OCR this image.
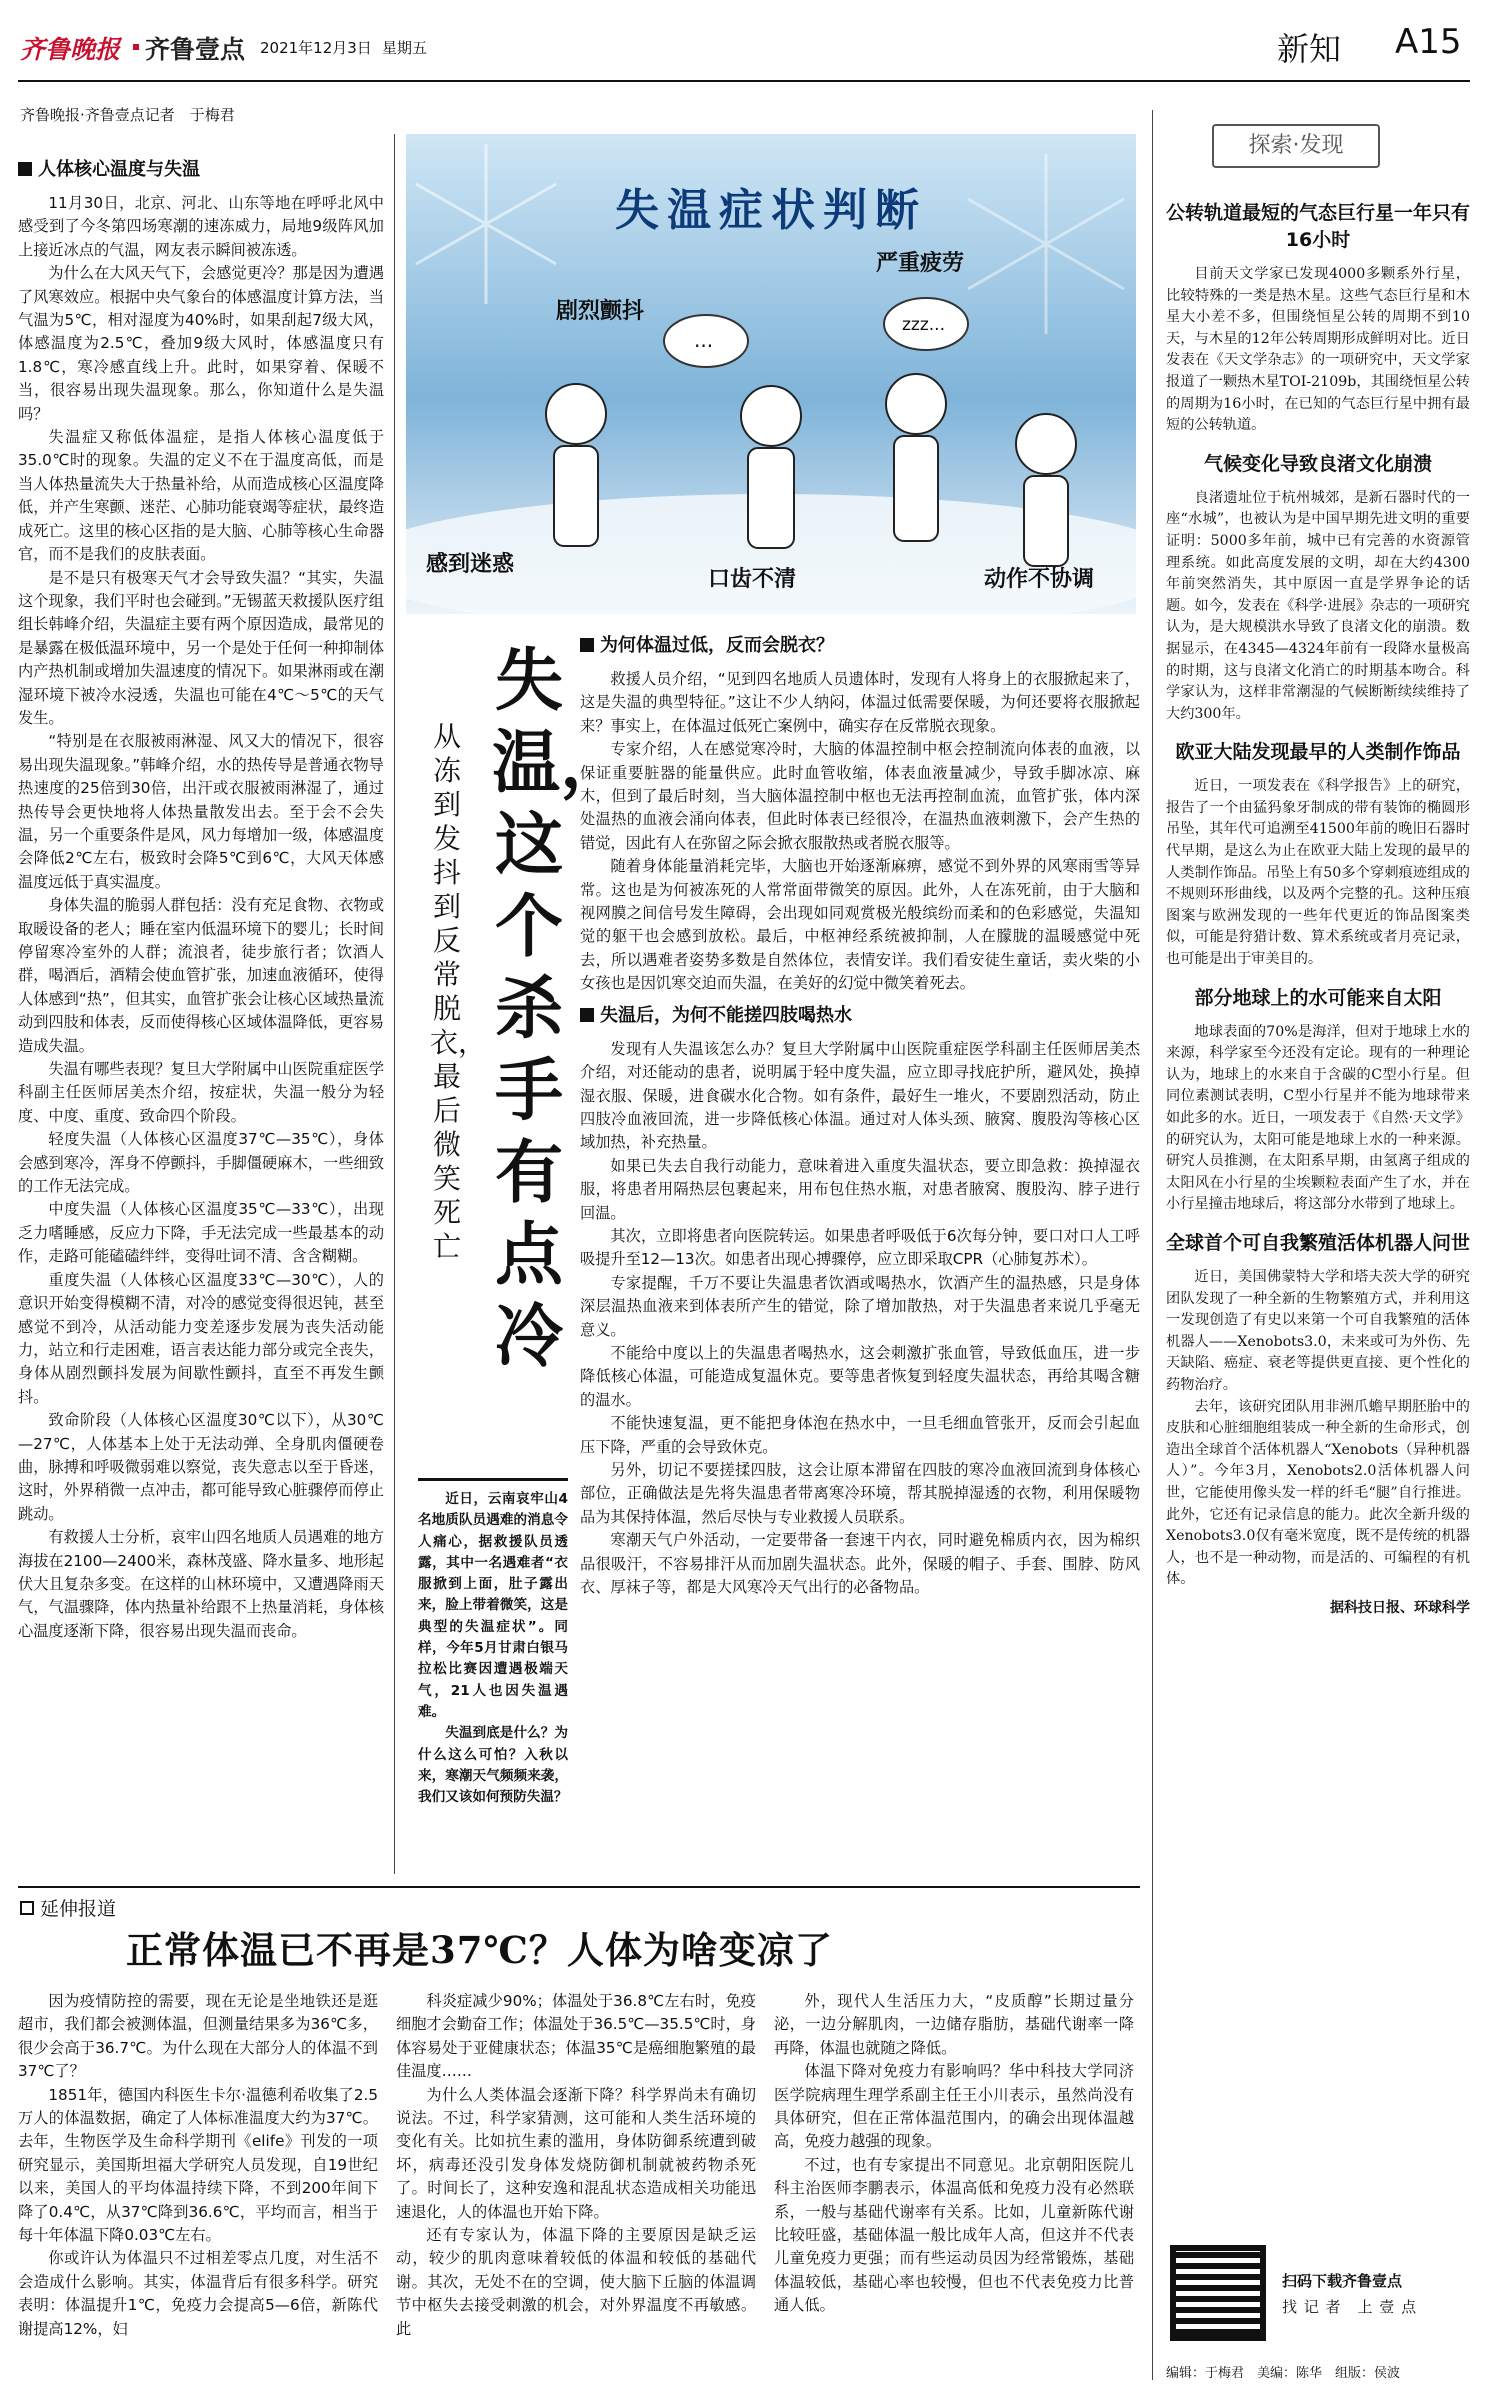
齐鲁晚报 齐鲁壹点 2021年12月3日 星期五	新知 A15
齐鲁晚报·齐鲁壹点记者　于梅君
人体核心温度与失温

11月30日，北京、河北、山东等地在呼呼北风中感受到了今冬第四场寒潮的速冻威力，局地9级阵风加上接近冰点的气温，网友表示瞬间被冻透。

为什么在大风天气下，会感觉更冷？那是因为遭遇了风寒效应。根据中央气象台的体感温度计算方法，当气温为5℃，相对湿度为40%时，如果刮起7级大风，体感温度为2.5℃，叠加9级大风时，体感温度只有1.8℃，寒冷感直线上升。此时，如果穿着、保暖不当，很容易出现失温现象。那么，你知道什么是失温吗？

失温症又称低体温症，是指人体核心温度低于35.0℃时的现象。失温的定义不在于温度高低，而是当人体热量流失大于热量补给，从而造成核心区温度降低，并产生寒颤、迷茫、心肺功能衰竭等症状，最终造成死亡。这里的核心区指的是大脑、心肺等核心生命器官，而不是我们的皮肤表面。

是不是只有极寒天气才会导致失温？“其实，失温这个现象，我们平时也会碰到。”无锡蓝天救援队医疗组组长韩峰介绍，失温症主要有两个原因造成，最常见的是暴露在极低温环境中，另一个是处于任何一种抑制体内产热机制或增加失温速度的情况下。如果淋雨或在潮湿环境下被冷水浸透，失温也可能在4℃～5℃的天气发生。

“特别是在衣服被雨淋湿、风又大的情况下，很容易出现失温现象。”韩峰介绍，水的热传导是普通衣物导热速度的25倍到30倍，出汗或衣服被雨淋湿了，通过热传导会更快地将人体热量散发出去。至于会不会失温，另一个重要条件是风，风力每增加一级，体感温度会降低2℃左右，极致时会降5℃到6℃，大风天体感温度远低于真实温度。

身体失温的脆弱人群包括：没有充足食物、衣物或取暖设备的老人；睡在室内低温环境下的婴儿；长时间停留寒冷室外的人群；流浪者，徒步旅行者；饮酒人群，喝酒后，酒精会使血管扩张，加速血液循环，使得人体感到“热”，但其实，血管扩张会让核心区域热量流动到四肢和体表，反而使得核心区域体温降低，更容易造成失温。

失温有哪些表现？复旦大学附属中山医院重症医学科副主任医师居美杰介绍，按症状，失温一般分为轻度、中度、重度、致命四个阶段。

轻度失温（人体核心区温度37℃—35℃），身体会感到寒冷，浑身不停颤抖，手脚僵硬麻木，一些细致的工作无法完成。

中度失温（人体核心区温度35℃—33℃），出现乏力嗜睡感，反应力下降，手无法完成一些最基本的动作，走路可能磕磕绊绊，变得吐词不清、含含糊糊。

重度失温（人体核心区温度33℃—30℃），人的意识开始变得模糊不清，对冷的感觉变得很迟钝，甚至感觉不到冷，从活动能力变差逐步发展为丧失活动能力，站立和行走困难，语言表达能力部分或完全丧失，身体从剧烈颤抖发展为间歇性颤抖，直至不再发生颤抖。

致命阶段（人体核心区温度30℃以下），从30℃—27℃，人体基本上处于无法动弹、全身肌肉僵硬卷曲，脉搏和呼吸微弱难以察觉，丧失意志以至于昏迷，这时，外界稍微一点冲击，都可能导致心脏骤停而停止跳动。

有救援人士分析，哀牢山四名地质人员遇难的地方海拔在2100—2400米，森林茂盛、降水量多、地形起伏大且复杂多变。在这样的山林环境中，又遭遇降雨天气，气温骤降，体内热量补给跟不上热量消耗，身体核心温度逐渐下降，很容易出现失温而丧命。

...
zzz...
失温症状判断
剧烈颤抖
严重疲劳
感到迷惑
口齿不清	动作不协调
失温，这个杀手有点冷
从冻到发抖到反常脱衣，最后微笑死亡

近日，云南哀牢山4名地质队员遇难的消息令人痛心，据救援队员透露，其中一名遇难者“衣服掀到上面，肚子露出来，脸上带着微笑，这是典型的失温症状”。同样，今年5月甘肃白银马拉松比赛因遭遇极端天气，21人也因失温遇难。

失温到底是什么？为什么这么可怕？入秋以来，寒潮天气频频来袭，我们又该如何预防失温？

为何体温过低，反而会脱衣？

救援人员介绍，“见到四名地质人员遗体时，发现有人将身上的衣服掀起来了，这是失温的典型特征。”这让不少人纳闷，体温过低需要保暖，为何还要将衣服掀起来？事实上，在体温过低死亡案例中，确实存在反常脱衣现象。

专家介绍，人在感觉寒冷时，大脑的体温控制中枢会控制流向体表的血液，以保证重要脏器的能量供应。此时血管收缩，体表血液量减少，导致手脚冰凉、麻木，但到了最后时刻，当大脑体温控制中枢也无法再控制血流，血管扩张，体内深处温热的血液会涌向体表，但此时体表已经很冷，在温热血液刺激下，会产生热的错觉，因此有人在弥留之际会掀衣服散热或者脱衣服等。

随着身体能量消耗完毕，大脑也开始逐渐麻痹，感觉不到外界的风寒雨雪等异常。这也是为何被冻死的人常常面带微笑的原因。此外，人在冻死前，由于大脑和视网膜之间信号发生障碍，会出现如同观赏极光般缤纷而柔和的色彩感觉，失温知觉的躯干也会感到放松。最后，中枢神经系统被抑制，人在朦胧的温暖感觉中死去，所以遇难者姿势多数是自然体位，表情安详。我们看安徒生童话，卖火柴的小女孩也是因饥寒交迫而失温，在美好的幻觉中微笑着死去。

失温后，为何不能搓四肢喝热水

发现有人失温该怎么办？复旦大学附属中山医院重症医学科副主任医师居美杰介绍，对还能动的患者，说明属于轻中度失温，应立即寻找庇护所，避风处，换掉湿衣服、保暖，进食碳水化合物。如有条件，最好生一堆火，不要剧烈活动，防止四肢冷血液回流，进一步降低核心体温。通过对人体头颈、腋窝、腹股沟等核心区域加热，补充热量。

如果已失去自我行动能力，意味着进入重度失温状态，要立即急救：换掉湿衣服，将患者用隔热层包裹起来，用布包住热水瓶，对患者腋窝、腹股沟、脖子进行回温。

其次，立即将患者向医院转运。如果患者呼吸低于6次每分钟，要口对口人工呼吸提升至12—13次。如患者出现心搏骤停，应立即采取CPR（心肺复苏术）。

专家提醒，千万不要让失温患者饮酒或喝热水，饮酒产生的温热感，只是身体深层温热血液来到体表所产生的错觉，除了增加散热，对于失温患者来说几乎毫无意义。

不能给中度以上的失温患者喝热水，这会刺激扩张血管，导致低血压，进一步降低核心体温，可能造成复温休克。要等患者恢复到轻度失温状态，再给其喝含糖的温水。

不能快速复温，更不能把身体泡在热水中，一旦毛细血管张开，反而会引起血压下降，严重的会导致休克。

另外，切记不要搓揉四肢，这会让原本滞留在四肢的寒冷血液回流到身体核心部位，正确做法是先将失温患者带离寒冷环境，帮其脱掉湿透的衣物，利用保暖物品为其保持体温，然后尽快与专业救援人员联系。

寒潮天气户外活动，一定要带备一套速干内衣，同时避免棉质内衣，因为棉织品很吸汗，不容易排汗从而加剧失温状态。此外，保暖的帽子、手套、围脖、防风衣、厚袜子等，都是大风寒冷天气出行的必备物品。

延伸报道
正常体温已不再是37℃？人体为啥变凉了

因为疫情防控的需要，现在无论是坐地铁还是逛超市，我们都会被测体温，但测量结果多为36℃多，很少会高于36.7℃。为什么现在大部分人的体温不到37℃了？

1851年，德国内科医生卡尔·温德利希收集了2.5万人的体温数据，确定了人体标准温度大约为37℃。去年，生物医学及生命科学期刊《elife》刊发的一项研究显示，美国斯坦福大学研究人员发现，自19世纪以来，美国人的平均体温持续下降，不到200年间下降了0.4℃，从37℃降到36.6℃，平均而言，相当于每十年体温下降0.03℃左右。

你或许认为体温只不过相差零点几度，对生活不会造成什么影响。其实，体温背后有很多科学。研究表明：体温提升1℃，免疫力会提高5—6倍，新陈代谢提高12%，妇

科炎症减少90%；体温处于36.8℃左右时，免疫细胞才会勤奋工作；体温处于36.5℃—35.5℃时，身体容易处于亚健康状态；体温35℃是癌细胞繁殖的最佳温度……

为什么人类体温会逐渐下降？科学界尚未有确切说法。不过，科学家猜测，这可能和人类生活环境的变化有关。比如抗生素的滥用，身体防御系统遭到破坏，病毒还没引发身体发烧防御机制就被药物杀死了。时间长了，这种安逸和混乱状态造成相关功能迅速退化，人的体温也开始下降。

还有专家认为，体温下降的主要原因是缺乏运动，较少的肌肉意味着较低的体温和较低的基础代谢。其次，无处不在的空调，使大脑下丘脑的体温调节中枢失去接受刺激的机会，对外界温度不再敏感。此

外，现代人生活压力大，“皮质醇”长期过量分泌，一边分解肌肉，一边储存脂肪，基础代谢率一降再降，体温也就随之降低。

体温下降对免疫力有影响吗？华中科技大学同济医学院病理生理学系副主任王小川表示，虽然尚没有具体研究，但在正常体温范围内，的确会出现体温越高，免疫力越强的现象。

不过，也有专家提出不同意见。北京朝阳医院儿科主治医师李鹏表示，体温高低和免疫力没有必然联系，一般与基础代谢率有关系。比如，儿童新陈代谢比较旺盛，基础体温一般比成年人高，但这并不代表儿童免疫力更强；而有些运动员因为经常锻炼，基础体温较低，基础心率也较慢，但也不代表免疫力比普通人低。

探索·发现
公转轨道最短的气态巨行星一年只有16小时

目前天文学家已发现4000多颗系外行星，比较特殊的一类是热木星。这些气态巨行星和木星大小差不多，但围绕恒星公转的周期不到10天，与木星的12年公转周期形成鲜明对比。近日发表在《天文学杂志》的一项研究中，天文学家报道了一颗热木星TOI-2109b，其围绕恒星公转的周期为16小时，在已知的气态巨行星中拥有最短的公转轨道。

气候变化导致良渚文化崩溃

良渚遗址位于杭州城郊，是新石器时代的一座“水城”，也被认为是中国早期先进文明的重要证明：5000多年前，城中已有完善的水资源管理系统。如此高度发展的文明，却在大约4300年前突然消失，其中原因一直是学界争论的话题。如今，发表在《科学·进展》杂志的一项研究认为，是大规模洪水导致了良渚文化的崩溃。数据显示，在4345—4324年前有一段降水量极高的时期，这与良渚文化消亡的时期基本吻合。科学家认为，这样非常潮湿的气候断断续续维持了大约300年。

欧亚大陆发现最早的人类制作饰品

近日，一项发表在《科学报告》上的研究，报告了一个由猛犸象牙制成的带有装饰的椭圆形吊坠，其年代可追溯至41500年前的晚旧石器时代早期，是这么为止在欧亚大陆上发现的最早的人类制作饰品。吊坠上有50多个穿刺痕迹组成的不规则环形曲线，以及两个完整的孔。这种压痕图案与欧洲发现的一些年代更近的饰品图案类似，可能是狩猎计数、算术系统或者月亮记录，也可能是出于审美目的。

部分地球上的水可能来自太阳

地球表面的70%是海洋，但对于地球上水的来源，科学家至今还没有定论。现有的一种理论认为，地球上的水来自于含碳的C型小行星。但同位素测试表明，C型小行星并不能为地球带来如此多的水。近日，一项发表于《自然·天文学》的研究认为，太阳可能是地球上水的一种来源。研究人员推测，在太阳系早期，由氢离子组成的太阳风在小行星的尘埃颗粒表面产生了水，并在小行星撞击地球后，将这部分水带到了地球上。

全球首个可自我繁殖活体机器人问世

近日，美国佛蒙特大学和塔夫茨大学的研究团队发现了一种全新的生物繁殖方式，并利用这一发现创造了有史以来第一个可自我繁殖的活体机器人——Xenobots3.0，未来或可为外伤、先天缺陷、癌症、衰老等提供更直接、更个性化的药物治疗。

去年，该研究团队用非洲爪蟾早期胚胎中的皮肤和心脏细胞组装成一种全新的生命形式，创造出全球首个活体机器人“Xenobots（异种机器人）”。今年3月，Xenobots2.0活体机器人问世，它能使用像头发一样的纤毛“腿”自行推进。此外，它还有记录信息的能力。此次全新升级的Xenobots3.0仅有毫米宽度，既不是传统的机器人，也不是一种动物，而是活的、可编程的有机体。

据科技日报、环球科学
扫码下载齐鲁壹点
找 记 者　上 壹 点
编辑：于梅君　美编：陈华　组版：侯波
